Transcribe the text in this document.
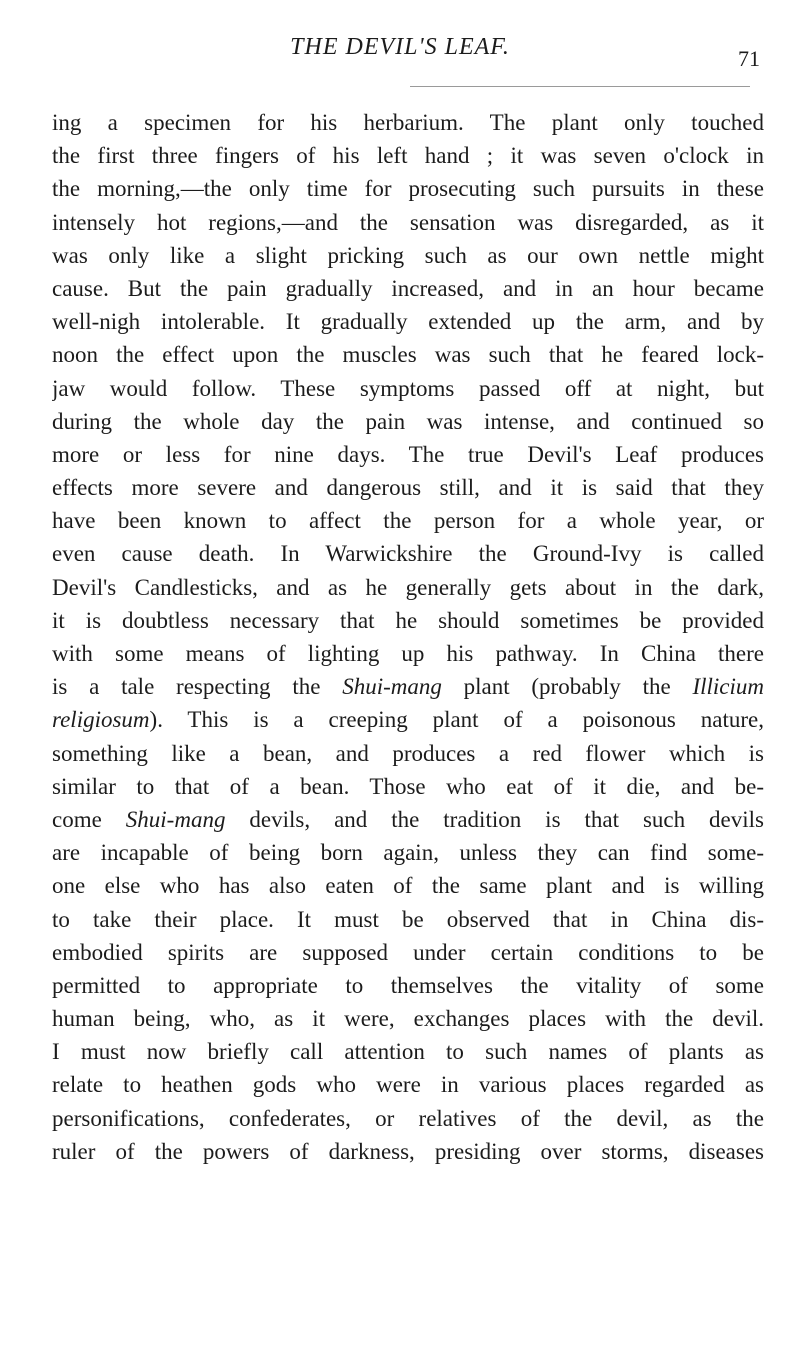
THE DEVIL'S LEAF.	71
ing a specimen for his herbarium. The plant only touched
the first three fingers of his left hand ; it was seven o'clock in
the morning,—the only time for prosecuting such pursuits in these
intensely hot regions,—and the sensation was disregarded, as it
was only like a slight pricking such as our own nettle might
cause. But the pain gradually increased, and in an hour became
well-nigh intolerable. It gradually extended up the arm, and by
noon the effect upon the muscles was such that he feared lock-
jaw would follow. These symptoms passed off at night, but
during the whole day the pain was intense, and continued so
more or less for nine days. The true Devil's Leaf produces
effects more severe and dangerous still, and it is said that they
have been known to affect the person for a whole year, or
even cause death. In Warwickshire the Ground-Ivy is called
Devil's Candlesticks, and as he generally gets about in the dark,
it is doubtless necessary that he should sometimes be provided
with some means of lighting up his pathway. In China there
is a tale respecting the Shui-mang plant (probably the Illicium
religiosum). This is a creeping plant of a poisonous nature,
something like a bean, and produces a red flower which is
similar to that of a bean. Those who eat of it die, and be-
come Shui-mang devils, and the tradition is that such devils
are incapable of being born again, unless they can find some-
one else who has also eaten of the same plant and is willing
to take their place. It must be observed that in China dis-
embodied spirits are supposed under certain conditions to be
permitted to appropriate to themselves the vitality of some
human being, who, as it were, exchanges places with the devil.
I must now briefly call attention to such names of plants as
relate to heathen gods who were in various places regarded as
personifications, confederates, or relatives of the devil, as the
ruler of the powers of darkness, presiding over storms, diseases
